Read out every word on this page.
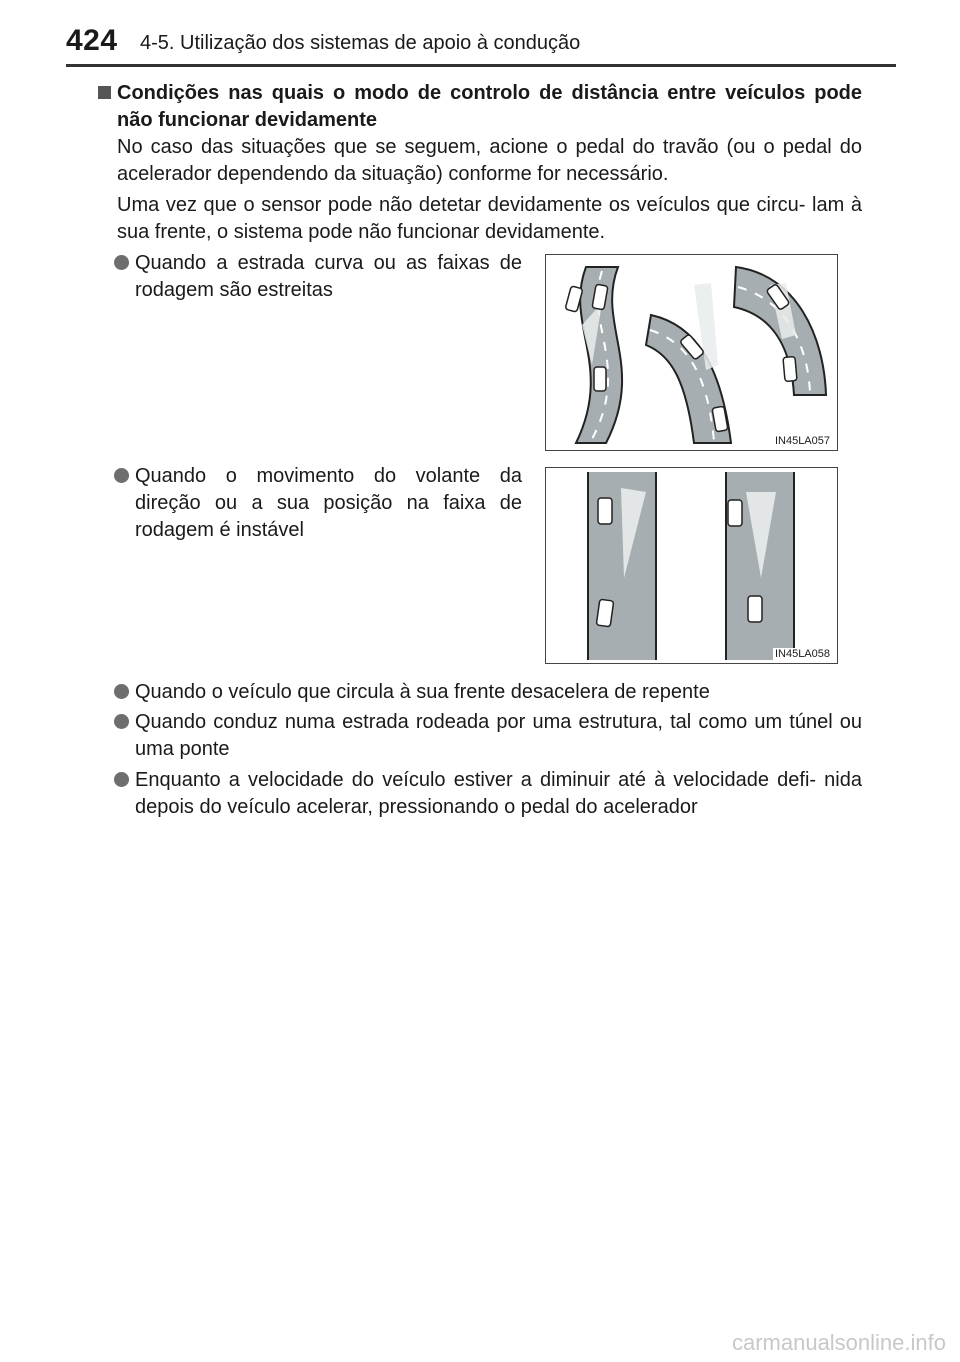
424 4-5. Utilização dos sistemas de apoio à condução
Condições nas quais o modo de controlo de distância entre veículos pode não funcionar devidamente
No caso das situações que se seguem, acione o pedal do travão (ou o pedal do acelerador dependendo da situação) conforme for necessário.
Uma vez que o sensor pode não detetar devidamente os veículos que circu- lam à sua frente, o sistema pode não funcionar devidamente.
Quando a estrada curva ou as faixas de rodagem são estreitas
IN45LA057
Quando o movimento do volante da direção ou a sua posição na faixa de rodagem é instável
IN45LA058
Quando o veículo que circula à sua frente desacelera de repente
Quando conduz numa estrada rodeada por uma estrutura, tal como um túnel ou uma ponte
Enquanto a velocidade do veículo estiver a diminuir até à velocidade defi- nida depois do veículo acelerar, pressionando o pedal do acelerador
carmanualsonline.info
